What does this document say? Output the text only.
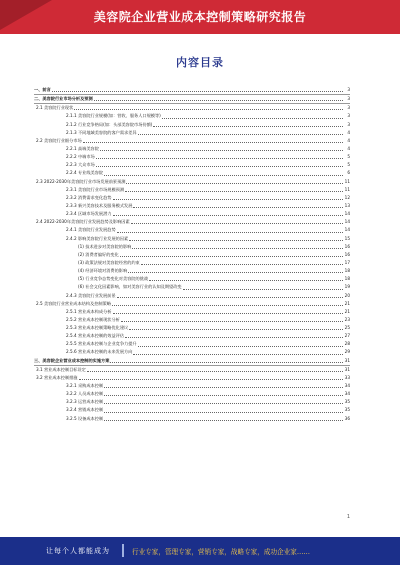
美容院企业营业成本控制策略研究报告
内容目录
一、前言	3
二、美容院行业市场分析及预测	3
2.1 美容院行业现状	3
2.1.1 美容院行业规模(如：营收、服务人口规模等)	3
2.1.2 行业竞争格局(如：头部美容院市场份额)	3
2.1.3 不同地域美容院的客户需求差异	4
2.2 美容院行业细分市场	4
2.2.1 高端美容院	4
2.2.2 中端市场	5
2.2.3 大众市场	5
2.2.4 专业线美容院	6
2.3 2022-2030年美容院行业市场发展前景预测	11
2.3.1 美容院行业市场规模预测	11
2.3.2 消费需求变化趋势	12
2.3.3 新兴美容技术及服务模式发展	13
2.3.4 区域市场发展潜力	14
2.4 2022-2030年美容院行业发展趋势及影响因素	14
2.4.1 美容院行业发展趋势	14
2.4.2 影响美容院行业发展的因素	15
(1) 技术进步对美容院的影响	16
(2) 消费者偏好的变化	16
(3) 政策法规对美容院经营的约束	17
(4) 经济环境对消费的影响	18
(5) 行业竞争态势变化对美容院的挑战	18
(6) 社会文化因素影响，如对美容行业的认知及期望改变	19
2.4.3 美容院行业发展前景	20
2.5 美容院行业营业成本结构及控制策略	21
2.5.1 营业成本构成分析	21
2.5.2 营业成本控制现状分析	23
2.5.3 营业成本控制策略优化建议	25
2.5.4 营业成本控制的效益评估	27
2.5.5 营业成本控制与企业竞争力提升	28
2.5.6 营业成本控制的未来发展方向	29
三、美容院企业营业成本控制的实施方案	31
3.1 营业成本控制目标设定	31
3.2 营业成本控制措施	33
3.2.1 采购成本控制	34
3.2.2 人员成本控制	34
3.2.3 运营成本控制	35
3.2.4 营销成本控制	35
3.2.5 设备成本控制	36
1
让每个人都能成为	行业专家，管理专家，营销专家，战略专家，成功企业家……
